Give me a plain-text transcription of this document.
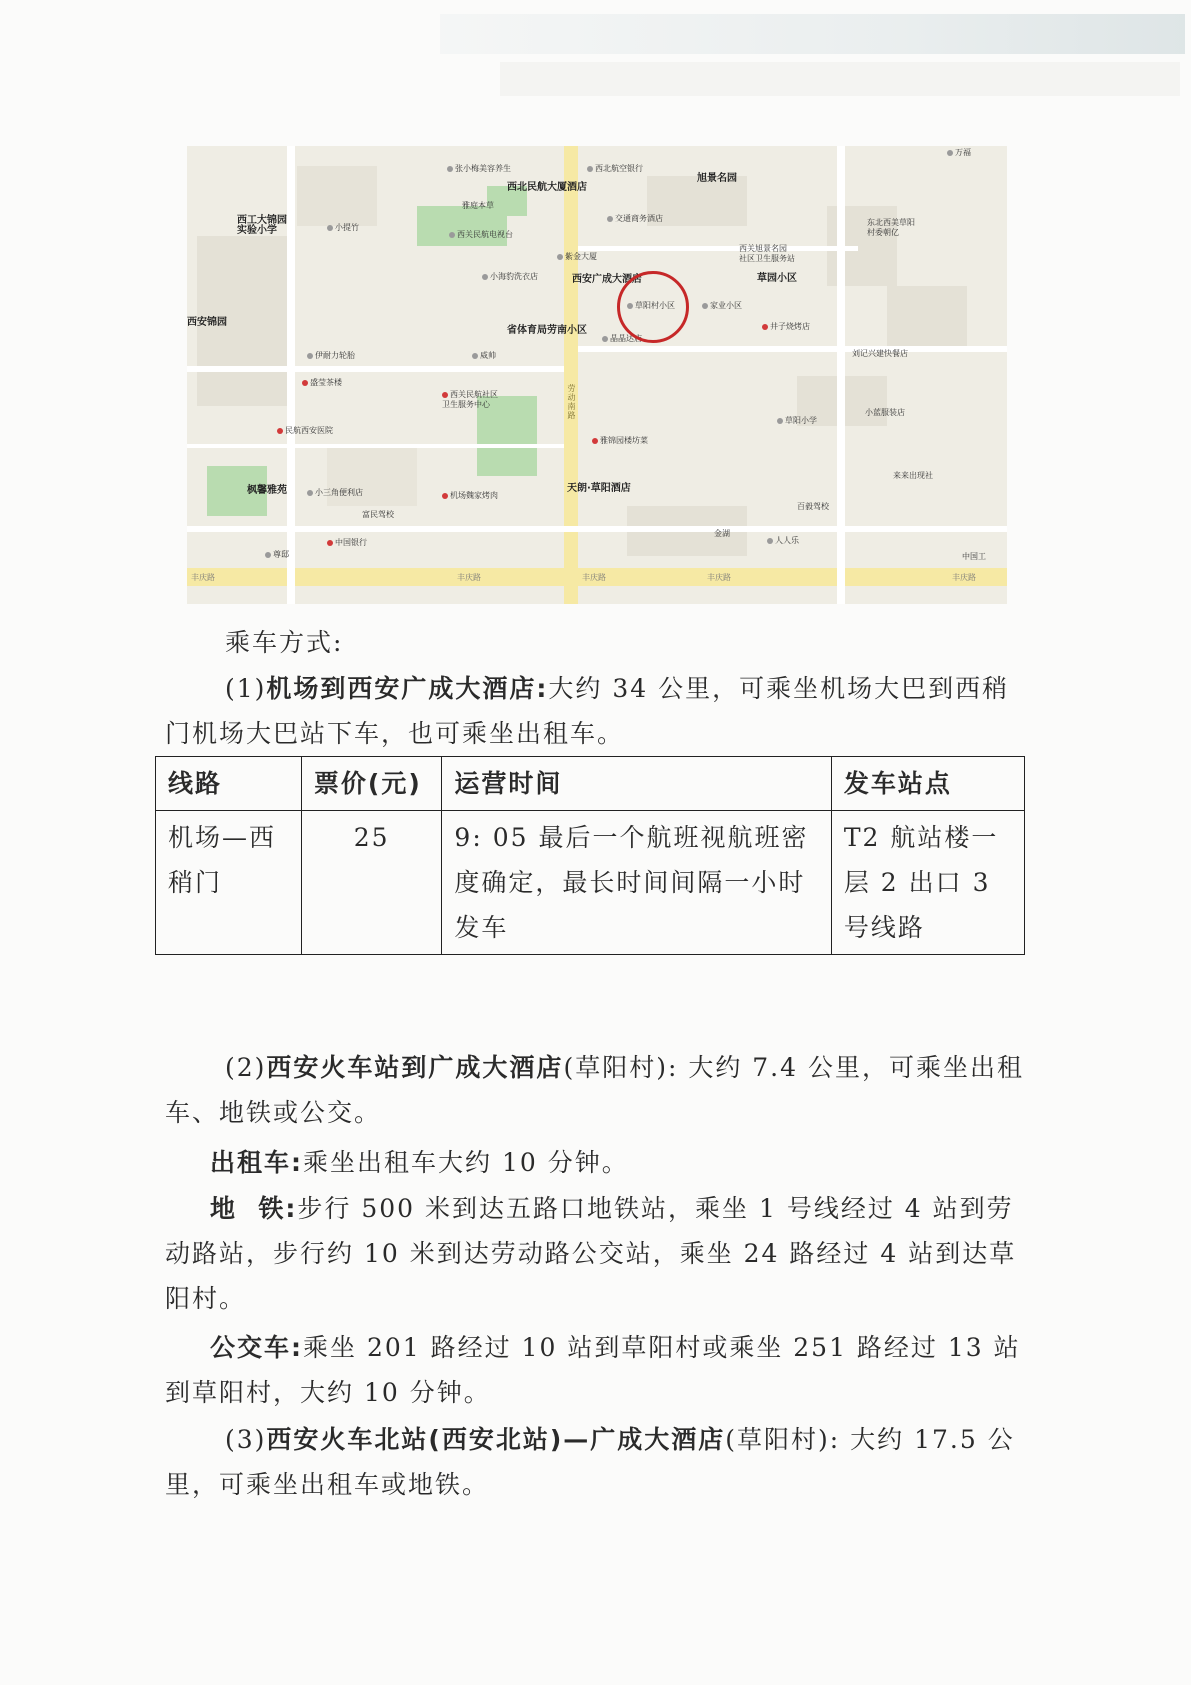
张小梅美容养生	西北航空银行
西北民航大厦酒店
旭景名园
万福
雅庭本草
西工大锦园
实验小学	小提竹
交通商务酒店
西关民航电视台
东北西美草阳
村委朝亿
紫金大厦
西关旭景名园
社区卫生服务站
小海豹洗衣店	西安广成大酒店	草园小区
草阳村小区	家业小区
西安锦园
省体育局劳南小区
晶晶达店
井子烧烤店
伊耐力轮胎	威帅	刘记兴建快餐店
盛莹茶楼
西关民航社区
卫生服务中心
草阳小学
小蓝服装店
民航西安医院
雅锦园楼坊菜
枫馨雅苑	小三角便利店	机场魏家烤肉
天朗·草阳酒店
百毅驾校
富民驾校
来来出现社
金湖
人人乐
中国银行
尊邸	中国工
丰庆路	丰庆路	丰庆路	丰庆路	丰庆路
劳动南路
乘车方式:
(1)机场到西安广成大酒店:大约 34 公里，可乘坐机场大巴到西稍门机场大巴站下车，也可乘坐出租车。
线路	票价(元)	运营时间	发车站点
机场—西稍门	25	9: 05 最后一个航班视航班密度确定，最长时间间隔一小时发车	T2 航站楼一层 2 出口 3 号线路
(2)西安火车站到广成大酒店(草阳村): 大约 7.4 公里，可乘坐出租车、地铁或公交。
出租车:乘坐出租车大约 10 分钟。
地  铁:步行 500 米到达五路口地铁站，乘坐 1 号线经过 4 站到劳动路站，步行约 10 米到达劳动路公交站，乘坐 24 路经过 4 站到达草阳村。
公交车:乘坐 201 路经过 10 站到草阳村或乘坐 251 路经过 13 站到草阳村，大约 10 分钟。
(3)西安火车北站(西安北站)—广成大酒店(草阳村): 大约 17.5 公里，可乘坐出租车或地铁。
